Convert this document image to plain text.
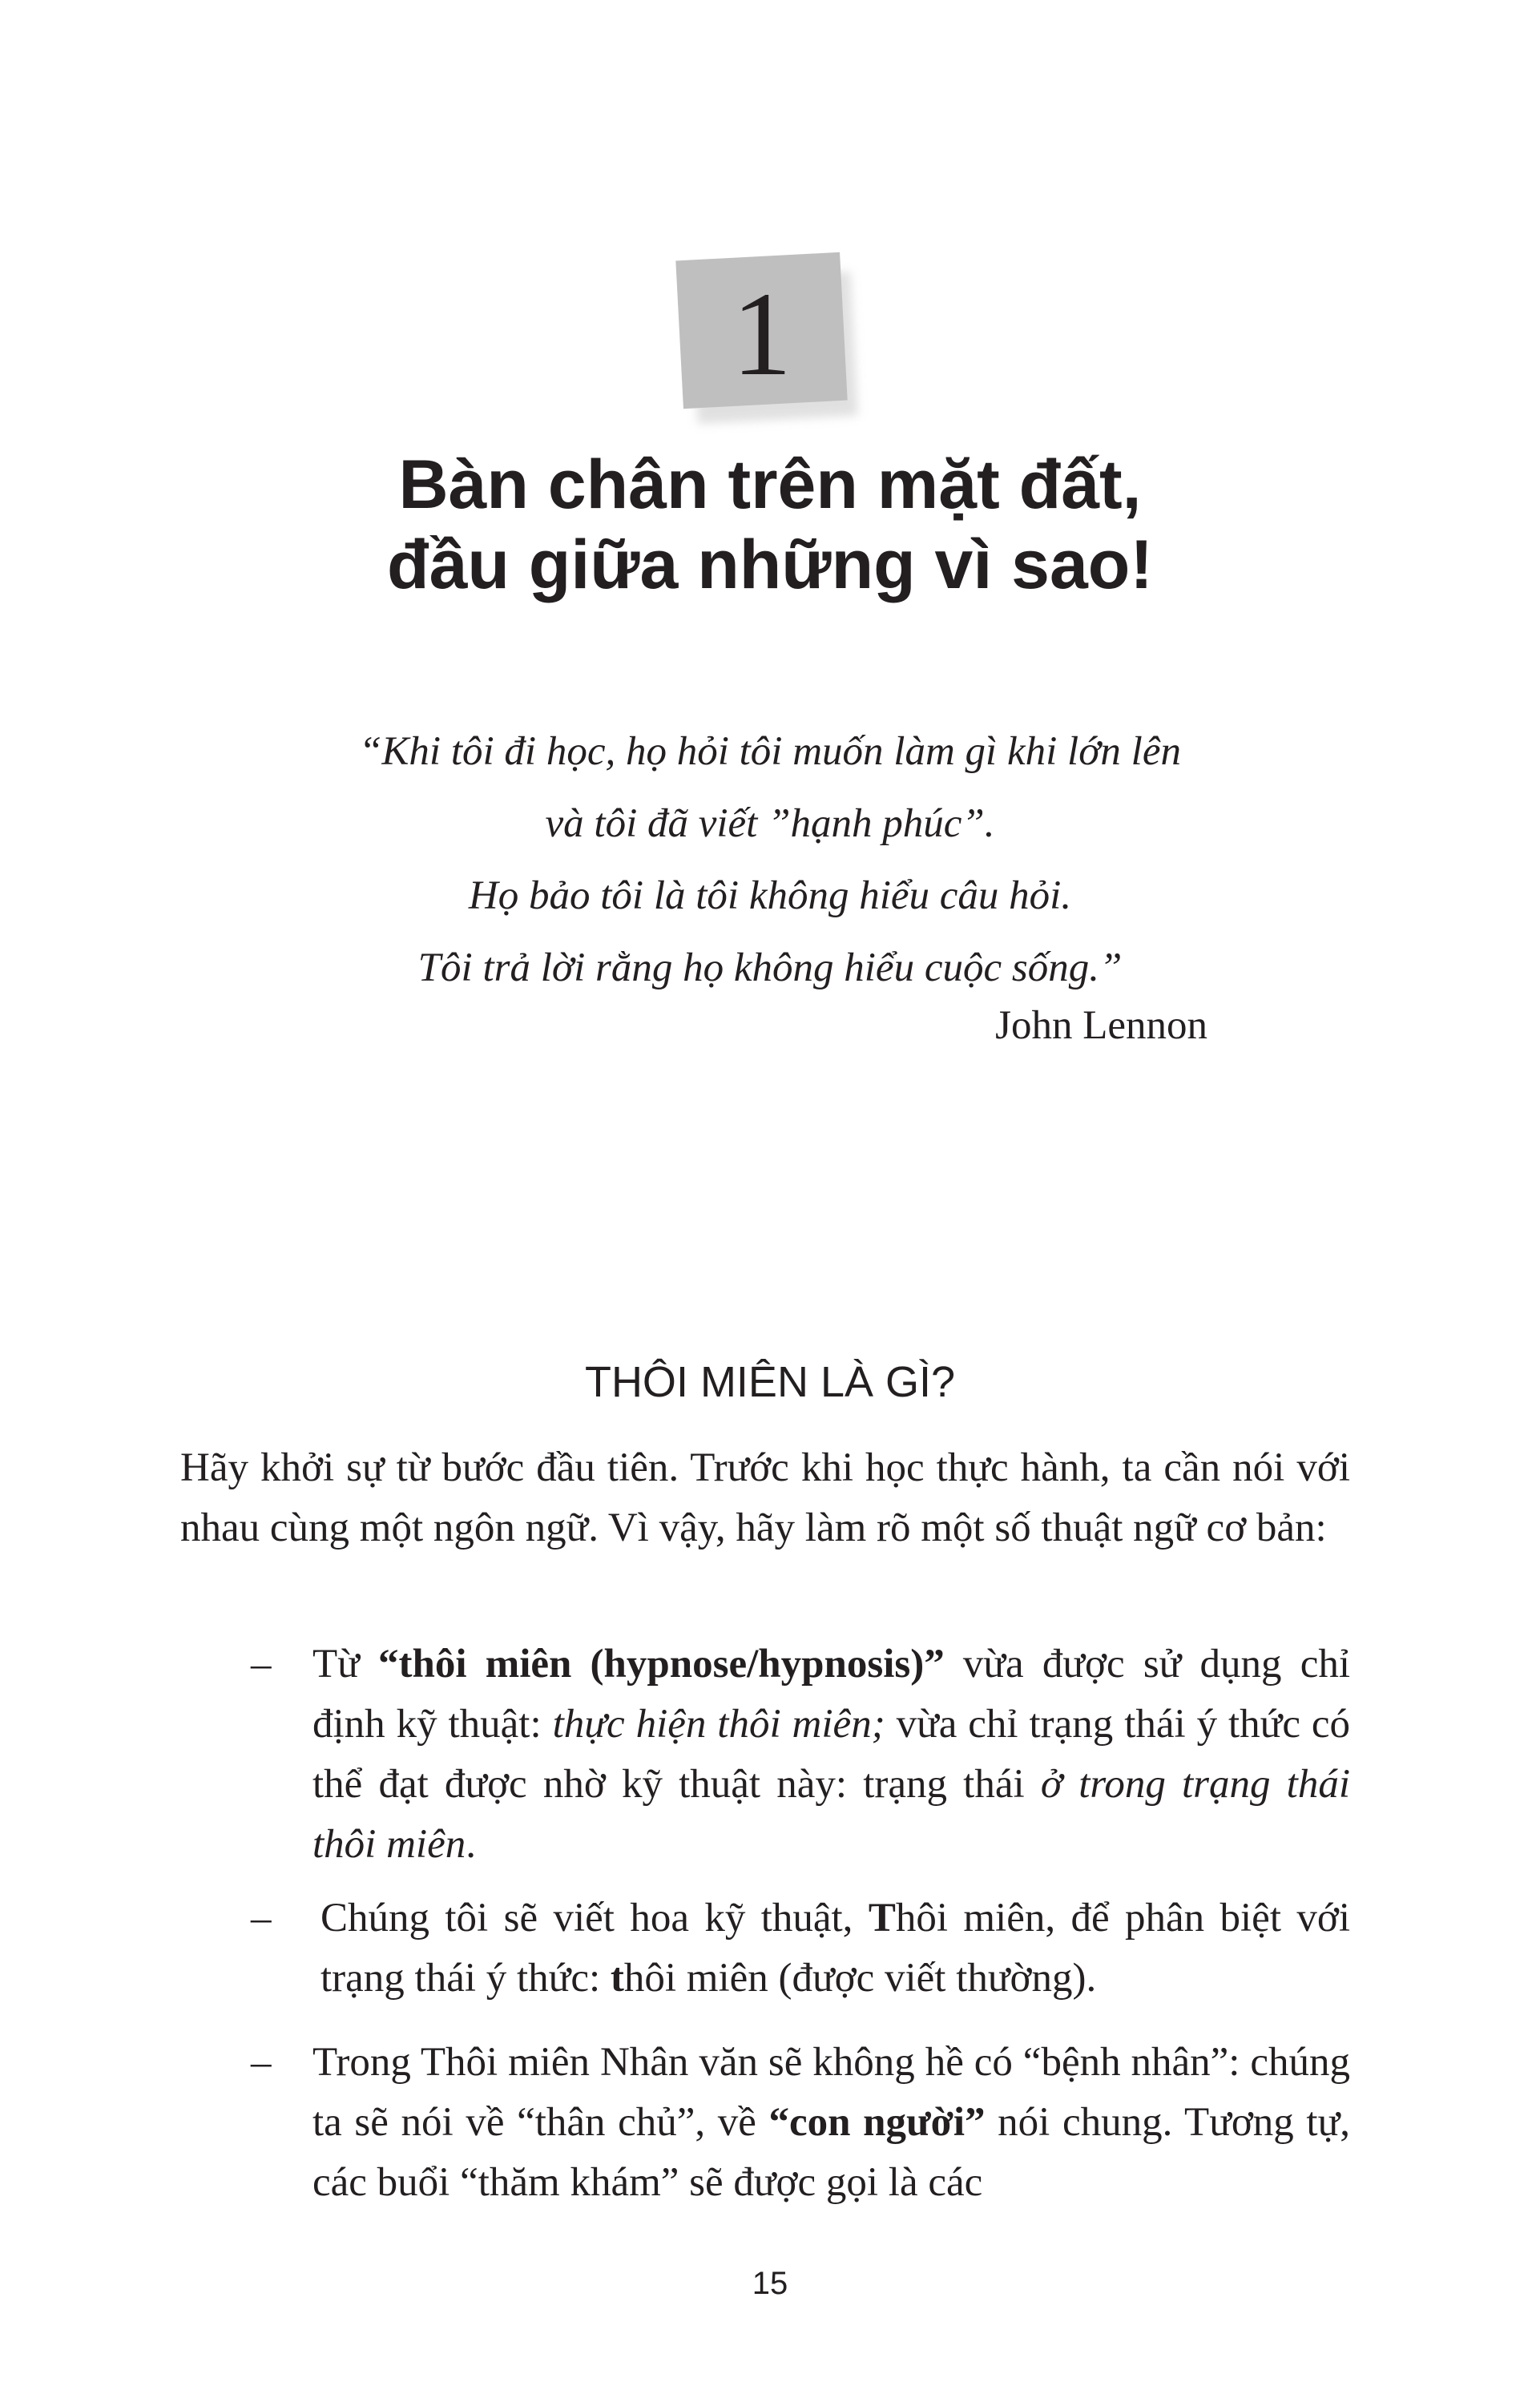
1
Bàn chân trên mặt đất,
đầu giữa những vì sao!
“Khi tôi đi học, họ hỏi tôi muốn làm gì khi lớn lên
và tôi đã viết ”hạnh phúc”.
Họ bảo tôi là tôi không hiểu câu hỏi.
Tôi trả lời rằng họ không hiểu cuộc sống.”
John Lennon
THÔI MIÊN LÀ GÌ?
Hãy khởi sự từ bước đầu tiên. Trước khi học thực hành, ta cần nói với nhau cùng một ngôn ngữ. Vì vậy, hãy làm rõ một số thuật ngữ cơ bản:
– Từ “thôi miên (hypnose/hypnosis)” vừa được sử dụng chỉ định kỹ thuật: thực hiện thôi miên; vừa chỉ trạng thái ý thức có thể đạt được nhờ kỹ thuật này: trạng thái ở trong trạng thái thôi miên.
– Chúng tôi sẽ viết hoa kỹ thuật, Thôi miên, để phân biệt với trạng thái ý thức: thôi miên (được viết thường).
– Trong Thôi miên Nhân văn sẽ không hề có “bệnh nhân”: chúng ta sẽ nói về “thân chủ”, về “con người” nói chung. Tương tự, các buổi “thăm khám” sẽ được gọi là các
15
